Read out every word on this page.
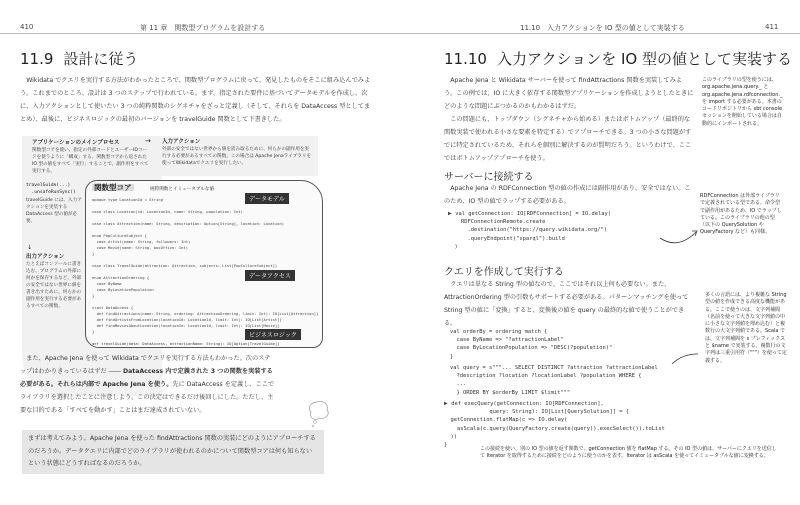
410	第 11 章　関数型プログラムを設計する
11.9 設計に従う
Wikidata でクエリを実行する方法がわかったところで、関数型プログラムに戻って、発見したものをそこに組み込んでみよう。これまでのところ、設計は 3 つのステップで行われている。まず、指定された要件に基づいてデータモデルを作成し、次に、入力アクションとして使いたい 3 つの純粋関数のシグネチャをざっと定義し（そして、それらを DataAccess 型としてまとめ）、最後に、ビジネスロジックの最初のバージョンを travelGuide 関数として下書きした。
アプリケーションのメインプロセス
関数型コアを使い、指定の外部コードとユーザーIDコードを使うように「構成」する。関数型コアから返された IO 型の値をすべて「実行」することで、副作用をすべて実行する。
→ 入力アクション
外部の安全ではない世界から値を読み取るために、何らかの副作用を実行する必要があるすべての関数。この場合は Apache Jenaライブラリを使ってWikidataでクエリを実行したい。
travelGuide(...)
.unsafeRunSync()
travelGuide には、入力アクションを実装する DataAccess 型の値が必要。
↓
出力アクション
たとえばコンソールに書き込む、プログラムの外部に何かを保存するなど、外部の安全ではない世界に値を書き出すために、何らかの副作用を実行する必要があるすべての関数。
関数型コア	純粋関数とイミュータブルな値
データモデル
データアクセス
ビジネスロジック
opaque type LocationId = String

case class Location(id: LocationId, name: String, population: Int)

case class Attraction(name: String, description: Option[String], location: Location)

enum PopCultureSubject {
case Artist(name: String, followers: Int)
case Movie(name: String, boxOffice: Int)
}

case class TravelGuide(attraction: Attraction, subjects: List[PopCultureSubject])

enum AttractionOrdering {
case ByName
case ByLocationPopulation
}

trait DataAccess {
def findAttractions(name: String, ordering: AttractionOrdering, limit: Int): IO[List[Attraction]]
def findArtistsFromLocation(locationId: LocationId, limit: Int): IO[List[Artist]]
def findMoviesAboutLocation(locationId: LocationId, limit: Int): IO[List[Movie]]
}

def travelGuide(data: DataAccess, attractionName: String): IO[Option[TravelGuide]]
また、Apache Jena を使って Wikidata でクエリを実行する方法もわかった。次のステップはわかりきっているはずだ ―― DataAccess 内で定義された 3 つの関数を実装する必要がある。それらは内部で Apache Jena を使う。先に DataAccess を定義し、ここでライブラリを選択したことに注意しよう。この決定はできるだけ後回しにした。ただし、主要な目的である「すべてを動かす」ことはまだ達成されていない。
まずは考えてみよう。Apache Jena を使った findAttractions 関数の実装にどのようにアプローチするのだろうか。データクエリに内部でどのライブラリが使われるのかについて関数型コアは何も知らないという状態にどうすればなるのだろうか。
11.10　入力アクションを IO 型の値として実装する	411
11.10 入力アクションを IO 型の値として実装する
Apache Jena と Wikidata サーバーを使って findAttractions 関数を実装してみよう。この例では、IO に大きく依存する関数型アプリケーションを作成しようとしたときにどのような問題にぶつかるのかもわかるはずだ。
この問題にも、トップダウン（シグネチャから始める）またはボトムアップ（最終的な関数実装で使われる小さな要素を特定する）でアプローチできる。3 つの小さな問題がすでに特定されているため、それらを個別に解決するのが賢明だろう。というわけで、ここではボトムアップアプローチを使う。
このライブラリの型を使うには、org.apache.jena.query._ と org.apache.jena.rdfconnection._ を import する必要がある。本書のコードリポジトリから sbt console セッションを開始している場合は自動的にインポートされる。
サーバーに接続する
Apache Jena の RDFConnection 型の値の作成には副作用があり、安全ではない。このため、IO 型の値でラップする必要がある。
▶ val getConnection: IO[RDFConnection] = IO.delay(
RDFConnectionRemote.create
.destination("https://query.wikidata.org/")
.queryEndpoint("sparql").build
)
RDFConnection は外部ライブラリで定義されている型である。命令型で副作用があるため、IO でラップしている。このライブラリの他の型（以下の QuerySolution や QueryFactory など）も同様。
クエリを作成して実行する
クエリは単なる String 型の値なので、ここではそれ以上何も必要ない。また、AttractionOrdering 型の引数もサポートする必要がある。パターンマッチングを使って String 型の値に「変換」すると、変換後の値を query の最終的な値で使うことができる。
val orderBy = ordering match {
case ByName => "?attractionLabel"
case ByLocationPopulation => "DESC(?population)"
}
val query = s"""... SELECT DISTINCT ?attraction ?attractionLabel
?description ?location ?locationLabel ?population WHERE {
...
} ORDER BY $orderBy LIMIT $limit"""
▶ def execQuery(getConnection: IO[RDFConnection],
query: String): IO[List[QuerySolution]] = {
getConnection.flatMap(c => IO.delay(
asScala(c.query(QueryFactory.create(query)).execSelect()).toList
))
}
多くの言語には、より複雑な String 型の値を作成できる高度な機能がある。ここで使うのは、文字列補間（名前を使って大きな文字列値の中に小さな文字列値を埋め込む）と複数行の大文字列値である。Scala では、文字列補間を s プレフィックスと $name で実装する。複数行の文字列は三重引用符（"""）を使って定義する。
この接続を使い、別の IO 型の値を返す関数で、getConnection 値を flatMap する。その IO 型の値は、サーバーにクエリを送信して Iterator を取得するために接続をどのように使うのかを表す。Iterator は asScala を使ってイミュータブルな値に変換する。
